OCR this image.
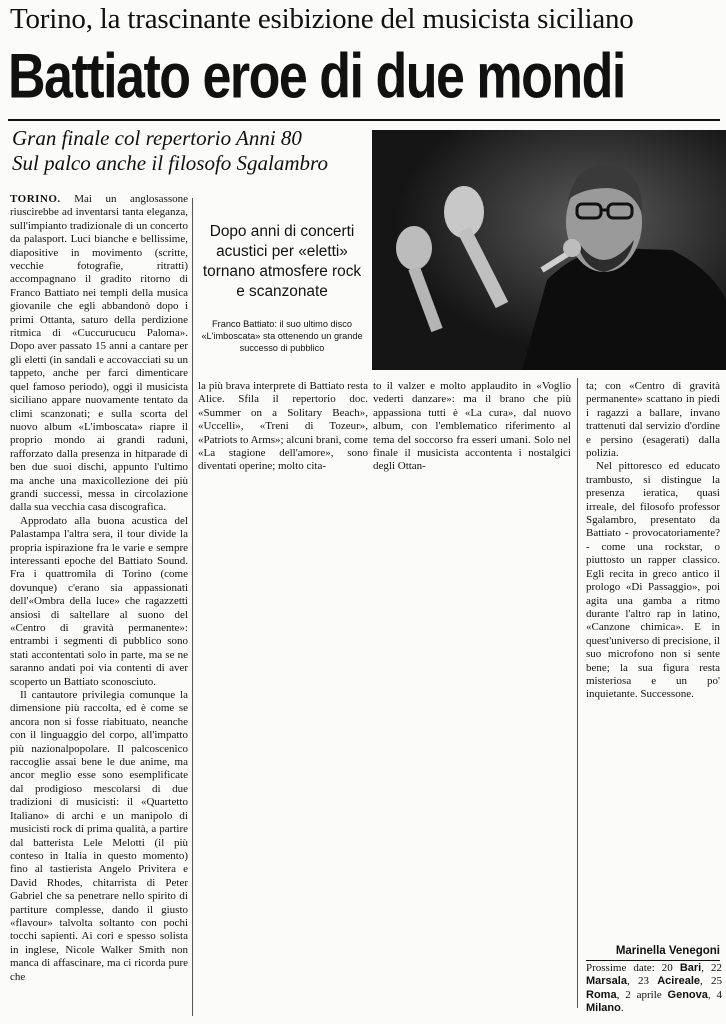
Torino, la trascinante esibizione del musicista siciliano
Battiato eroe di due mondi
Gran finale col repertorio Anni 80
Sul palco anche il filosofo Sgalambro
Dopo anni di concerti acustici per «eletti» tornano atmosfere rock e scanzonate
Franco Battiato: il suo ultimo disco «L'imboscata» sta ottenendo un grande successo di pubblico

TORINO. Mai un anglosassone riuscirebbe ad inventarsi tanta eleganza, sull'impianto tradizionale di un concerto da palasport. Luci bianche e bellissime, diapositive in movimento (scritte, vecchie fotografie, ritratti) accompagnano il gradito ritorno di Franco Battiato nei templi della musica giovanile che egli abbandonò dopo i primi Ottanta, saturo della perdizione ritmica di «Cuccurucucu Paloma». Dopo aver passato 15 anni a cantare per gli eletti (in sandali e accovacciati su un tappeto, anche per farci dimenticare quel famoso periodo), oggi il musicista siciliano appare nuovamente tentato da climi scanzonati; e sulla scorta del nuovo album «L'imboscata» riapre il proprio mondo ai grandi raduni, rafforzato dalla presenza in hitparade di ben due suoi dischi, appunto l'ultimo ma anche una maxicollezione dei più grandi successi, messa in circolazione dalla sua vecchia casa discografica.

Approdato alla buona acustica del Palastampa l'altra sera, il tour divide la propria ispirazione fra le varie e sempre interessanti epoche del Battiato Sound. Fra i quattromila di Torino (come dovunque) c'erano sia appassionati dell'«Ombra della luce» che ragazzetti ansiosi di saltellare al suono del «Centro di gravità permanente»: entrambi i segmenti di pubblico sono stati accontentati solo in parte, ma se ne saranno andati poi via contenti di aver scoperto un Battiato sconosciuto.

Il cantautore privilegia comunque la dimensione più raccolta, ed è come se ancora non si fosse riabituato, neanche con il linguaggio del corpo, all'impatto più nazionalpopolare. Il palcoscenico raccoglie assai bene le due anime, ma ancor meglio esse sono esemplificate dal prodigioso mescolarsi di due tradizioni di musicisti: il «Quartetto Italiano» di archi e un manipolo di musicisti rock di prima qualità, a partire dal batterista Lele Melotti (il più conteso in Italia in questo momento) fino al tastierista Angelo Privitera e David Rhodes, chitarrista di Peter Gabriel che sa penetrare nello spirito di partiture complesse, dando il giusto «flavour» talvolta soltanto con pochi tocchi sapienti. Ai cori e spesso solista in inglese, Nicole Walker Smith non manca di affascinare, ma ci ricorda pure che

la più brava interprete di Battiato resta Alice. Sfila il repertorio doc. «Summer on a Solitary Beach», «Uccelli», «Treni di Tozeur», «Patriots to Arms»; alcuni brani, come «La stagione dell'amore», sono diventati operine; molto cita-

to il valzer e molto applaudito in «Voglio vederti danzare»: ma il brano che più appassiona tutti è «La cura», dal nuovo album, con l'emblematico riferimento al tema del soccorso fra esseri umani. Solo nel finale il musicista accontenta i nostalgici degli Ottan-

ta; con «Centro di gravità permanente» scattano in piedi i ragazzi a ballare, invano trattenuti dal servizio d'ordine e persino (esagerati) dalla polizia.

Nel pittoresco ed educato trambusto, si distingue la presenza ieratica, quasi irreale, del filosofo professor Sgalambro, presentato da Battiato - provocatoriamente? - come una rockstar, o piuttosto un rapper classico. Egli recita in greco antico il prologo «Di Passaggio», poi agita una gamba a ritmo durante l'altro rap in latino, «Canzone chimica». E in quest'universo di precisione, il suo microfono non si sente bene; la sua figura resta misteriosa e un po' inquietante. Successone.

Marinella Venegoni
Prossime date: 20 Bari, 22 Marsala, 23 Acireale, 25 Roma, 2 aprile Genova, 4 Milano.
